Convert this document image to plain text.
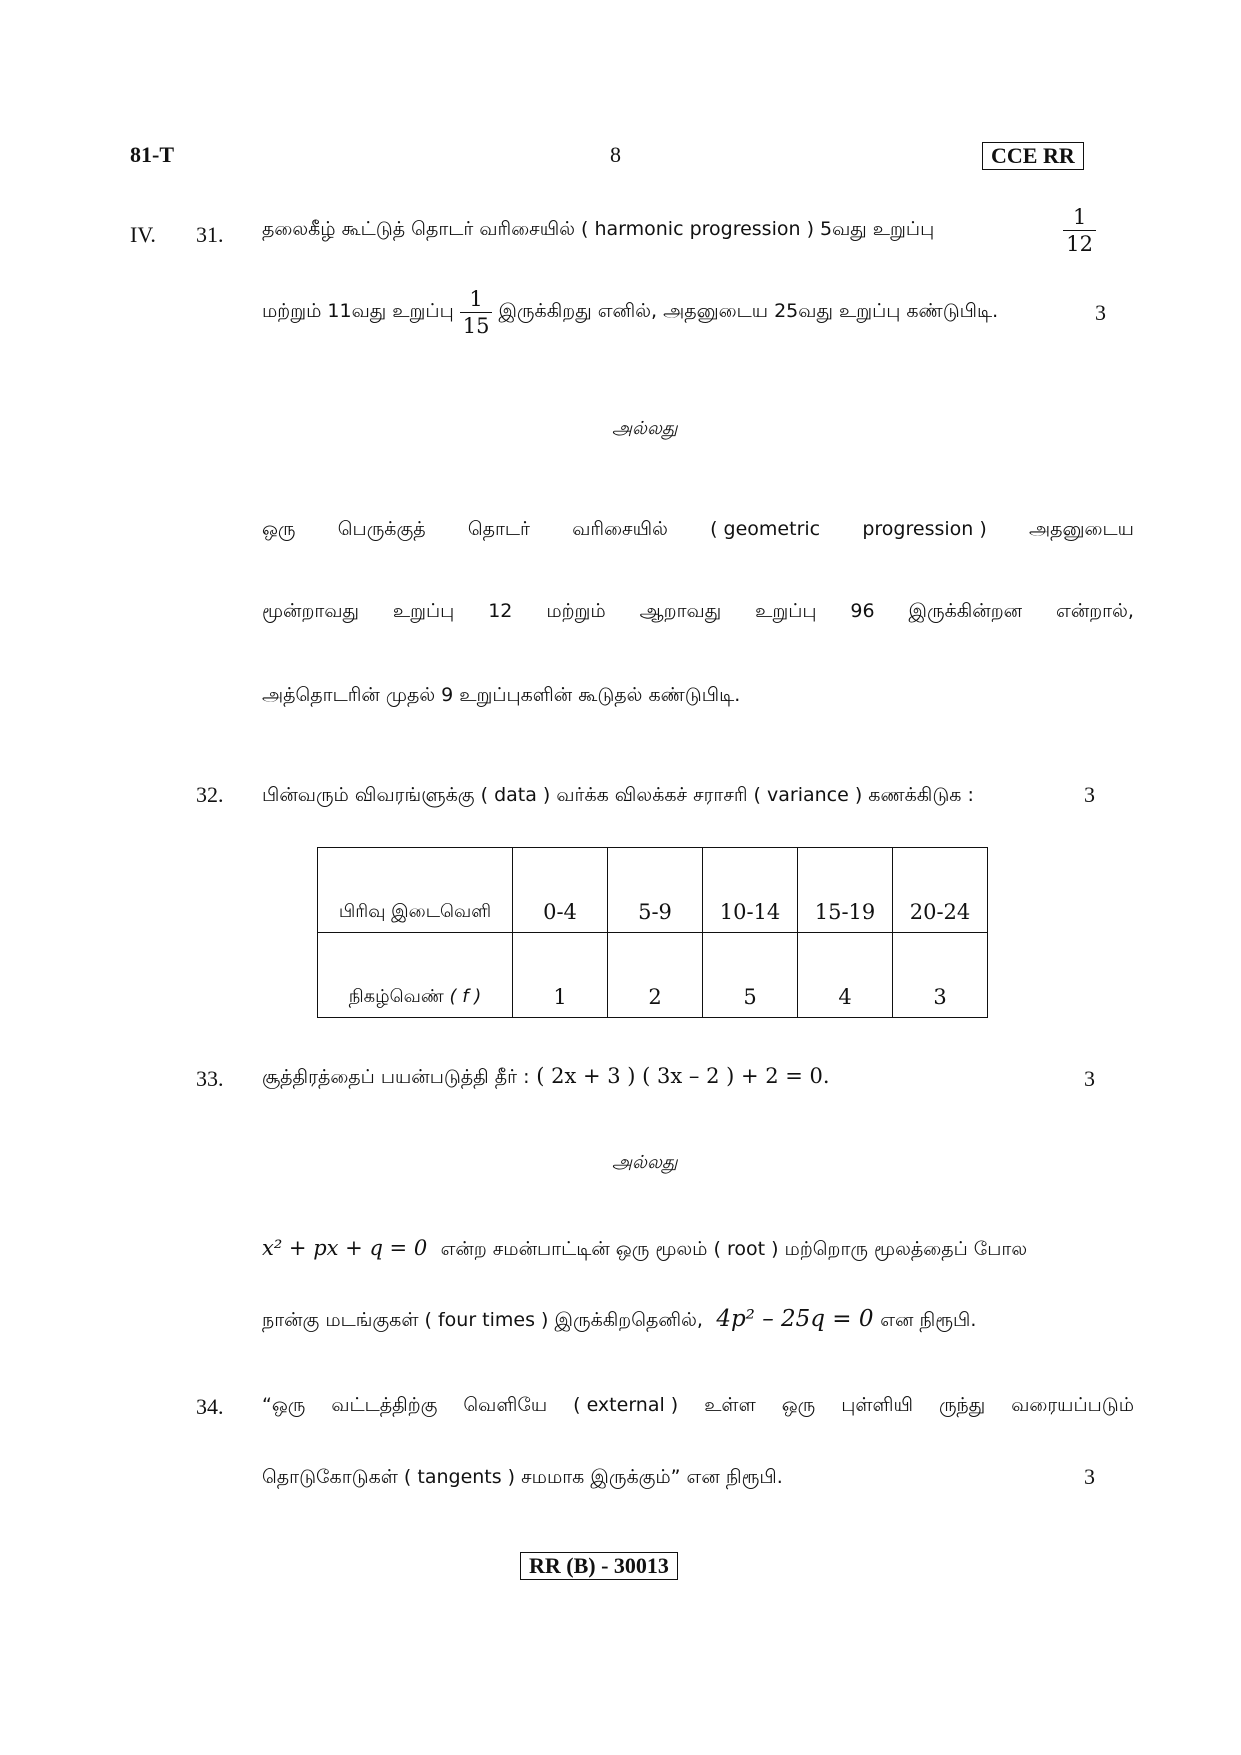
81-T	8	CCE RR
IV. 31. தலைகீழ் கூட்டுத் தொடர் வரிசையில் ( harmonic progression ) 5வது உறுப்பு	$\frac{1}{12}$
மற்றும் 11வது உறுப்பு $\frac{1}{15}$ இருக்கிறது எனில், அதனுடைய 25வது உறுப்பு கண்டுபிடி.	3
அல்லது
ஒரு பெருக்குத் தொடர் வரிசையில் ( geometric progression ) அதனுடைய
மூன்றாவது உறுப்பு 12 மற்றும் ஆறாவது உறுப்பு 96 இருக்கின்றன என்றால்,
அத்தொடரின் முதல் 9 உறுப்புகளின் கூடுதல் கண்டுபிடி.
32. பின்வரும் விவரங்ளுக்கு ( data ) வர்க்க விலக்கச் சராசரி ( variance ) கணக்கிடுக :	3
பிரிவு இடைவெளி	0-4	5-9	10-14	15-19	20-24
நிகழ்வெண் ( f )	1	2	5	4	3
33. சூத்திரத்தைப் பயன்படுத்தி தீர் : ( 2x + 3 ) ( 3x – 2 ) + 2 = 0.	3
அல்லது
x² + px + q = 0 என்ற சமன்பாட்டின் ஒரு மூலம் ( root ) மற்றொரு மூலத்தைப் போல
நான்கு மடங்குகள் ( four times ) இருக்கிறதெனில், 4p² – 25q = 0 என நிரூபி.
34. “ஒரு வட்டத்திற்கு வெளியே ( external ) உள்ள ஒரு புள்ளியி ருந்து வரையப்படும்
தொடுகோடுகள் ( tangents ) சமமாக இருக்கும்” என நிரூபி.	3
RR (B) - 30013
